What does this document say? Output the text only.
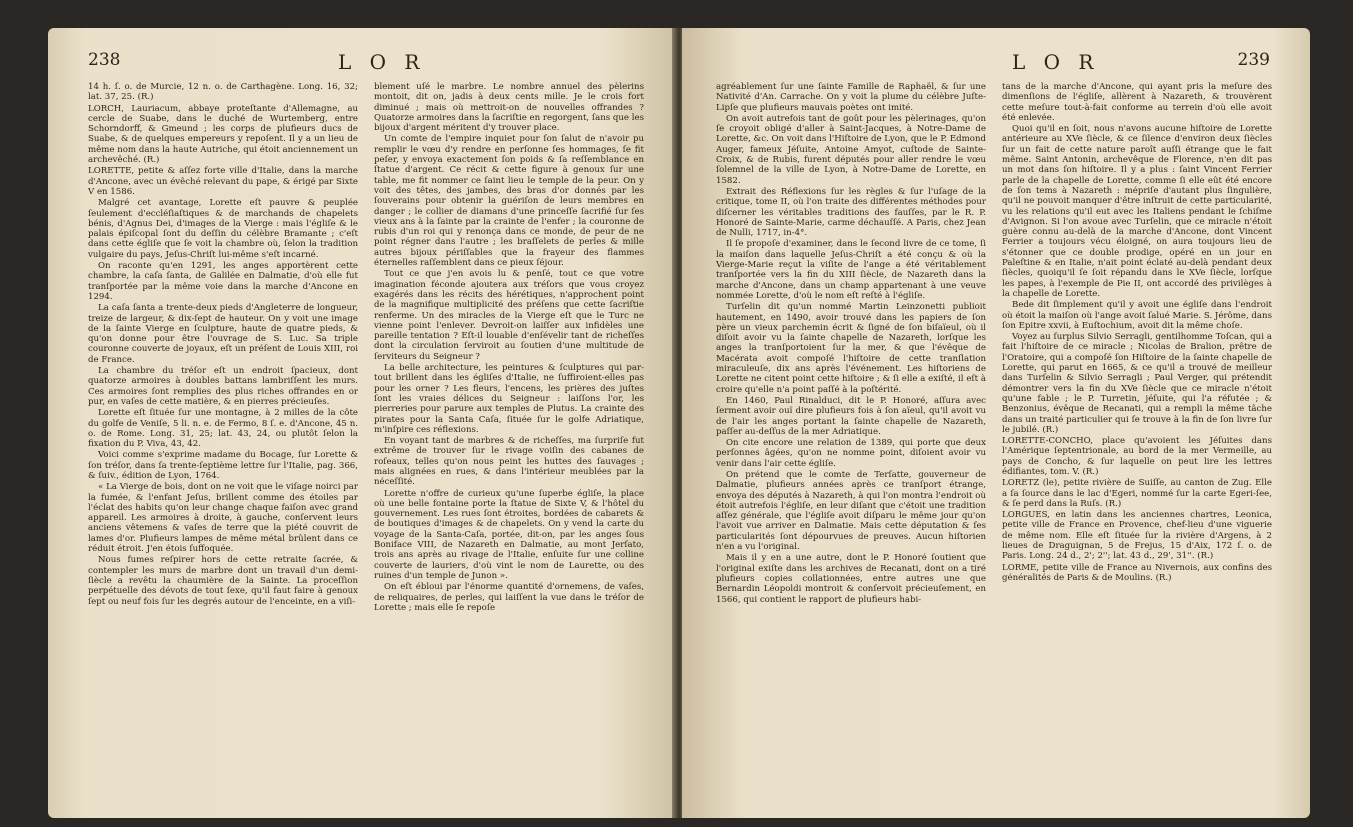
238	L O R

14 h. ſ. o. de Murcie, 12 n. o. de Carthagène. Long. 16, 32; lat. 37, 25. (R.)

LORCH, Lauriacum, abbaye proteſtante d'Allemagne, au cercle de Suabe, dans le duché de Wurtemberg, entre Schorndorff, & Gmeund ; les corps de plufieurs ducs de Suabe, & de quelques empereurs y repoſent. Il y a un lieu de même nom dans la haute Autriche, qui étoit anciennement un archevêché. (R.)

LORETTE, petite & aſſez forte ville d'Italie, dans la marche d'Ancone, avec un évêché relevant du pape, & érigé par Sixte V en 1586.

Malgré cet avantage, Lorette eſt pauvre & peuplée ſeulement d'eccléſiaſtiques & de marchands de chapelets bénis, d'Agnus Dei, d'images de la Vierge : mais l'égliſe & le palais épiſcopal ſont du deſſin du célèbre Bramante ; c'eſt dans cette égliſe que ſe voit la chambre où, ſelon la tradition vulgaire du pays, Jeſus-Chriſt lui-même s'eſt incarné.

On raconte qu'en 1291, les anges apportèrent cette chambre, la caſa ſanta, de Galilée en Dalmatie, d'où elle fut tranſportée par la même voie dans la marche d'Ancone en 1294.

La caſa ſanta a trente-deux pieds d'Angleterre de longueur, treize de largeur, & dix-ſept de hauteur. On y voit une image de la ſainte Vierge en ſculpture, haute de quatre pieds, & qu'on donne pour être l'ouvrage de S. Luc. Sa triple couronne couverte de joyaux, eſt un préſent de Louis XIII, roi de France.

La chambre du tréſor eſt un endroit ſpacieux, dont quatorze armoires à doubles battans lambriſſent les murs. Ces armoires ſont remplies des plus riches offrandes en or pur, en vaſes de cette matière, & en pierres précieuſes.

Lorette eſt ſituée ſur une montagne, à 2 milles de la côte du golfe de Veniſe, 5 li. n. e. de Fermo, 8 ſ. e. d'Ancone, 45 n. o. de Rome. Long. 31, 25; lat. 43, 24, ou plutôt ſelon la fixation du P. Viva, 43, 42.

Voici comme s'exprime madame du Bocage, ſur Lorette & ſon tréſor, dans ſa trente-ſeptième lettre ſur l'Italie, pag. 366, & ſuiv., édition de Lyon, 1764.

« La Vierge de bois, dont on ne voit que le viſage noirci par la fumée, & l'enfant Jeſus, brillent comme des étoiles par l'éclat des habits qu'on leur change chaque faiſon avec grand appareil. Les armoires à droite, à gauche, conſervent leurs anciens vêtemens & vaſes de terre que la piété couvrit de lames d'or. Plufieurs lampes de même métal brûlent dans ce réduit étroit. J'en étois ſuffoquée.

Nous fumes reſpirer hors de cette retraite ſacrée, & contempler les murs de marbre dont un travail d'un demi-ſiècle a revêtu la chaumière de la Sainte. La proceſſion perpétuelle des dévots de tout ſexe, qu'il faut faire à genoux ſept ou neuf fois ſur les degrés autour de l'enceinte, en a viſi-

blement uſé le marbre. Le nombre annuel des pèlerins montoit, dit on, jadis à deux cents mille. Je le crois fort diminué ; mais où mettroit-on de nouvelles offrandes ? Quatorze armoires dans la ſacriſtie en regorgent, ſans que les bijoux d'argent méritent d'y trouver place.

Un comte de l'empire inquiet pour ſon ſalut de n'avoir pu remplir le vœu d'y rendre en perſonne ſes hommages, ſe fit peſer, y envoya exactement ſon poids & ſa reſſemblance en ſtatue d'argent. Ce récit & cette figure à genoux ſur une table, me fit nommer ce ſaint lieu le temple de la peur. On y voit des têtes, des jambes, des bras d'or donnés par les ſouverains pour obtenir la guériſon de leurs membres en danger ; le collier de diamans d'une princeſſe ſacrifié ſur ſes vieux ans à la ſainte par la crainte de l'enfer ; la couronne de rubis d'un roi qui y renonça dans ce monde, de peur de ne point régner dans l'autre ; les braſſelets de perles & mille autres bijoux périſſables que la frayeur des flammes éternelles raſſemblent dans ce pieux ſéjour.

Tout ce que j'en avois lu & penſé, tout ce que votre imagination féconde ajoutera aux tréſors que vous croyez exagérés dans les récits des hérétiques, n'approchent point de la magnifique multiplicité des préſens que cette ſacriſtie renferme. Un des miracles de la Vierge eſt que le Turc ne vienne point l'enlever. Devroit-on laiſſer aux infidèles une pareille tentation ? Eſt-il louable d'enſévelir tant de richeſſes dont la circulation ſerviroit au ſoutien d'une multitude de ſerviteurs du Seigneur ?

La belle architecture, les peintures & ſculptures qui par-tout brillent dans les égliſes d'Italie, ne ſuffiroient-elles pas pour les orner ? Les fleurs, l'encens, les prières des juſtes ſont les vraies délices du Seigneur : laiſſons l'or, les pierreries pour parure aux temples de Plutus. La crainte des pirates pour la Santa Caſa, ſituée ſur le golfe Adriatique, m'inſpire ces réflexions.

En voyant tant de marbres & de richeſſes, ma ſurpriſe fut extrême de trouver ſur le rivage voiſin des cabanes de roſeaux, telles qu'on nous peint les huttes des ſauvages ; mais alignées en rues, & dans l'intérieur meublées par la néceſſité.

Lorette n'offre de curieux qu'une ſuperbe égliſe, la place où une belle fontaine porte la ſtatue de Sixte V, & l'hôtel du gouvernement. Les rues ſont étroites, bordées de cabarets & de boutiques d'images & de chapelets. On y vend la carte du voyage de la Santa-Caſa, portée, dit-on, par les anges ſous Boniface VIII, de Nazareth en Dalmatie, au mont Jerſato, trois ans après au rivage de l'Italie, enſuite ſur une colline couverte de lauriers, d'où vint le nom de Laurette, ou des ruines d'un temple de Junon ».

On eſt ébloui par l'énorme quantité d'ornemens, de vaſes, de reliquaires, de perles, qui laiſſent la vue dans le tréſor de Lorette ; mais elle ſe repoſe

L O R	239

agréablement ſur une ſainte Famille de Raphaël, & ſur une Nativité d'An. Carrache. On y voit la plume du célèbre Juſte-Lipſe que plufieurs mauvais poètes ont imité.

On avoit autrefois tant de goût pour les pèlerinages, qu'on ſe croyoit obligé d'aller à Saint-Jacques, à Notre-Dame de Lorette, &c. On voit dans l'Hiſtoire de Lyon, que le P. Edmond Auger, fameux Jéſuite, Antoine Amyot, cuſtode de Sainte-Croix, & de Rubis, furent députés pour aller rendre le vœu ſolemnel de la ville de Lyon, à Notre-Dame de Lorette, en 1582.

Extrait des Réflexions ſur les règles & ſur l'uſage de la critique, tome II, où l'on traite des différentes méthodes pour diſcerner les véritables traditions des fauſſes, par le R. P. Honoré de Sainte-Marie, carme déchauſſé. A Paris, chez Jean de Nulli, 1717, in-4°.

Il ſe propoſe d'examiner, dans le ſecond livre de ce tome, ſi la maiſon dans laquelle Jeſus-Chriſt a été conçu & où la Vierge-Marie reçut la viſite de l'ange a été véritablement tranſportée vers la fin du XIII ſiècle, de Nazareth dans la marche d'Ancone, dans un champ appartenant à une veuve nommée Lorette, d'où le nom eſt reſté à l'égliſe.

Turſelin dit qu'un nommé Martin Leinzonetti publioit hautement, en 1490, avoir trouvé dans les papiers de ſon père un vieux parchemin écrit & ſigné de ſon biſaïeul, où il diſoit avoir vu la ſainte chapelle de Nazareth, lorſque les anges la tranſportoient ſur la mer, & que l'évêque de Macérata avoit compoſé l'hiſtoire de cette tranſlation miraculeuſe, dix ans après l'événement. Les hiſtoriens de Lorette ne citent point cette hiſtoire ; & ſi elle a exiſté, il eſt à croire qu'elle n'a point paſſé à la poſtérité.

En 1460, Paul Rinalduci, dit le P. Honoré, aſſura avec ſerment avoir ouï dire plufieurs fois à ſon aïeul, qu'il avoit vu de l'air les anges portant la ſainte chapelle de Nazareth, paſſer au-deſſus de la mer Adriatique.

On cite encore une relation de 1389, qui porte que deux perſonnes âgées, qu'on ne nomme point, diſoient avoir vu venir dans l'air cette égliſe.

On prétend que le comte de Terſatte, gouverneur de Dalmatie, plufieurs années après ce tranſport étrange, envoya des députés à Nazareth, à qui l'on montra l'endroit où étoit autrefois l'égliſe, en leur diſant que c'étoit une tradition aſſez générale, que l'égliſe avoit diſparu le même jour qu'on l'avoit vue arriver en Dalmatie. Mais cette députation & ſes particularités ſont dépourvues de preuves. Aucun hiſtorien n'en a vu l'original.

Mais il y en a une autre, dont le P. Honoré ſoutient que l'original exiſte dans les archives de Recanati, dont on a tiré plufieurs copies collationnées, entre autres une que Bernardin Léopoldi montroit & conſervoit précieuſement, en 1566, qui contient le rapport de plufieurs habi-

tans de la marche d'Ancone, qui ayant pris la meſure des dimenſions de l'égliſe, allèrent à Nazareth, & trouvèrent cette meſure tout-à-fait conforme au terrein d'où elle avoit été enlevée.

Quoi qu'il en ſoit, nous n'avons aucune hiſtoire de Lorette antérieure au XVe ſiècle, & ce ſilence d'environ deux ſiècles ſur un fait de cette nature paroît auſſi étrange que le fait même. Saint Antonin, archevêque de Florence, n'en dit pas un mot dans ſon hiſtoire. Il y a plus : ſaint Vincent Ferrier parle de la chapelle de Lorette, comme ſi elle eût été encore de ſon tems à Nazareth : mépriſe d'autant plus ſingulière, qu'il ne pouvoit manquer d'être inſtruit de cette particularité, vu les relations qu'il eut avec les Italiens pendant le ſchiſme d'Avignon. Si l'on avoue avec Turſelin, que ce miracle n'étoit guère connu au-delà de la marche d'Ancone, dont Vincent Ferrier a toujours vécu éloigné, on aura toujours lieu de s'étonner que ce double prodige, opéré en un jour en Paleſtine & en Italie, n'ait point éclaté au-delà pendant deux ſiècles, quoiqu'il ſe ſoit répandu dans le XVe ſiècle, lorſque les papes, à l'exemple de Pie II, ont accordé des privilèges à la chapelle de Lorette.

Bede dit ſimplement qu'il y avoit une égliſe dans l'endroit où étoit la maiſon où l'ange avoit ſalué Marie. S. Jérôme, dans ſon Epitre xxvii, à Euſtochium, avoit dit la même choſe.

Voyez au ſurplus Silvio Serragli, gentilhomme Toſcan, qui a fait l'hiſtoire de ce miracle ; Nicolas de Bralion, prêtre de l'Oratoire, qui a compoſé ſon Hiſtoire de la ſainte chapelle de Lorette, qui parut en 1665, & ce qu'il a trouvé de meilleur dans Turſelin & Silvio Serragli ; Paul Verger, qui prétendit démontrer vers la fin du XVe ſiècle que ce miracle n'étoit qu'une fable ; le P. Turretin, jéſuite, qui l'a réfutée ; & Benzonius, évêque de Recanati, qui a rempli la même tâche dans un traité particulier qui ſe trouve à la fin de ſon livre ſur le jubilé. (R.)

LORETTE-CONCHO, place qu'avoient les Jéſuites dans l'Amérique ſeptentrionale, au bord de la mer Vermeille, au pays de Concho, & ſur laquelle on peut lire les lettres édifiantes, tom. V. (R.)

LORETZ (le), petite rivière de Suiſſe, au canton de Zug. Elle a ſa ſource dans le lac d'Egeri, nommé ſur la carte Egeri-ſee, & ſe perd dans la Ruſs. (R.)

LORGUES, en latin dans les anciennes chartres, Leonica, petite ville de France en Provence, chef-lieu d'une viguerie de même nom. Elle eſt ſituée ſur la rivière d'Argens, à 2 lieues de Draguignan, 5 de Frejus, 15 d'Aix, 172 ſ. o. de Paris. Long. 24 d., 2'; 2''; lat. 43 d., 29', 31''. (R.)

LORME, petite ville de France au Nivernois, aux confins des généralités de Paris & de Moulins. (R.)
